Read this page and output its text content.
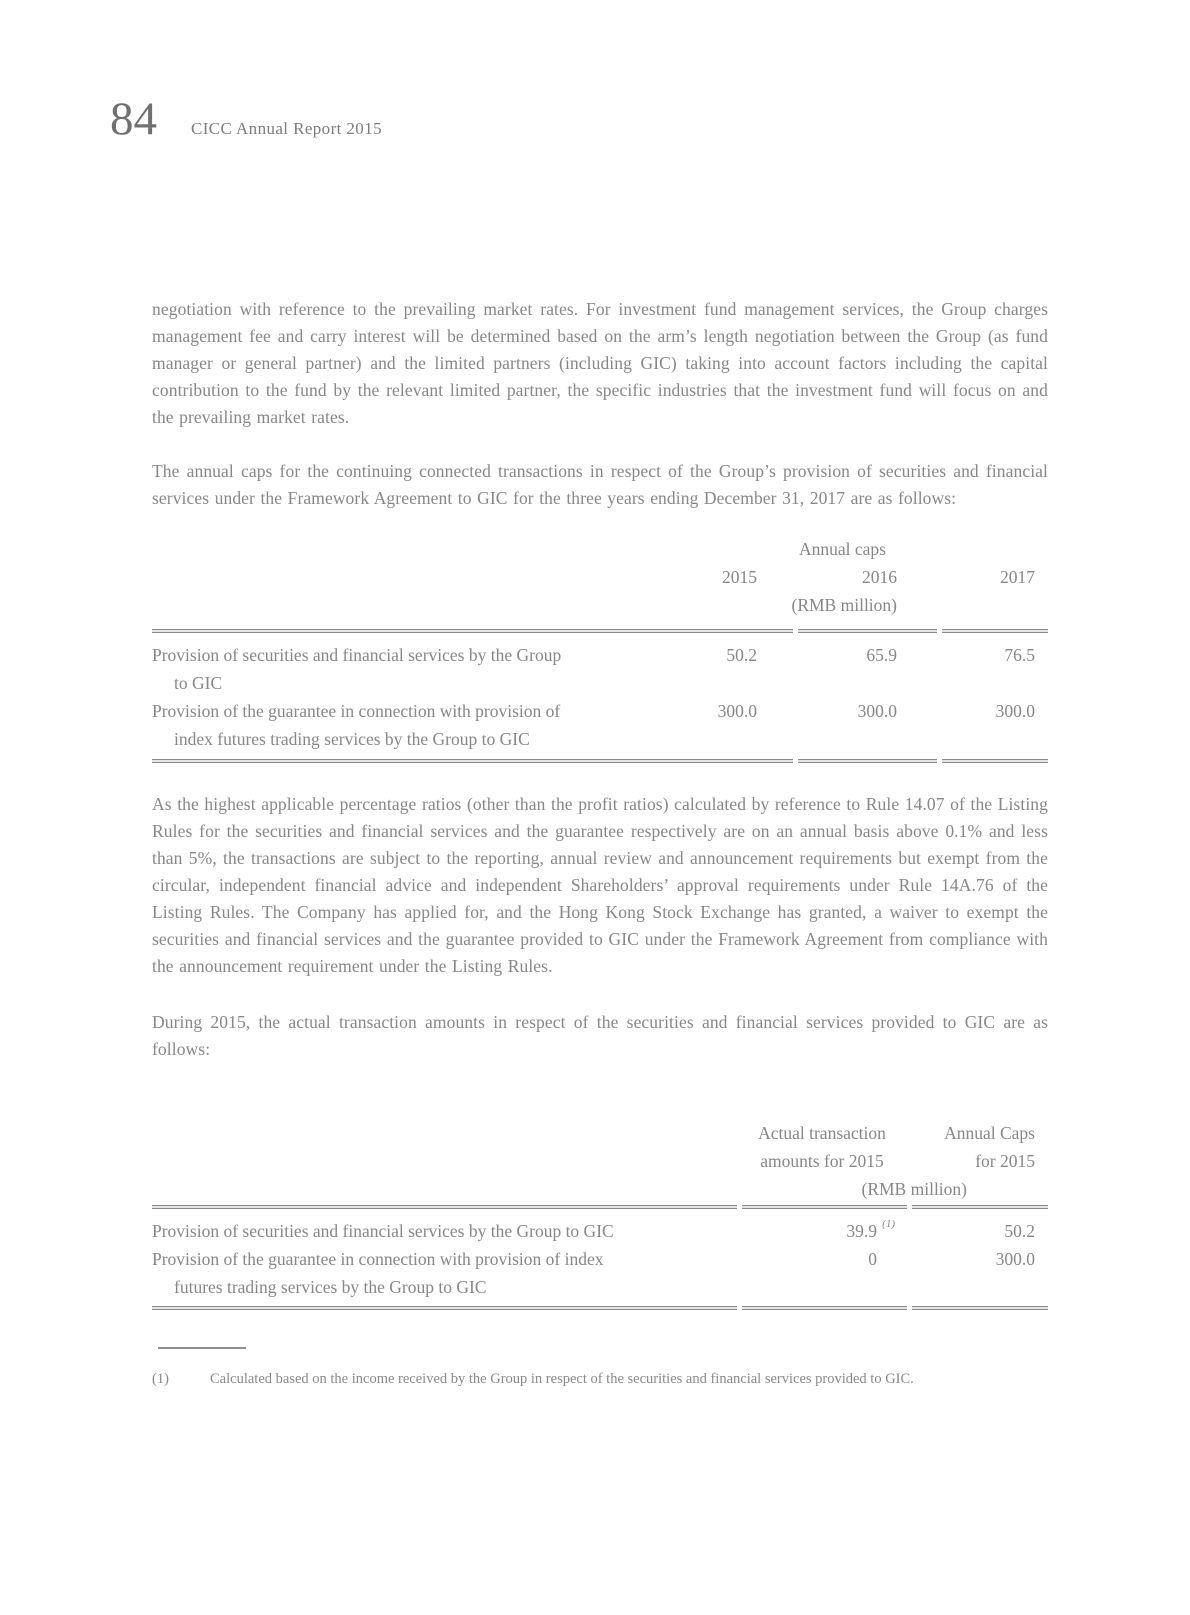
84 CICC Annual Report 2015

negotiation with reference to the prevailing market rates. For investment fund management services, the Group charges management fee and carry interest will be determined based on the arm’s length negotiation between the Group (as fund manager or general partner) and the limited partners (including GIC) taking into account factors including the capital contribution to the fund by the relevant limited partner, the specific industries that the investment fund will focus on and the prevailing market rates.

The annual caps for the continuing connected transactions in respect of the Group’s provision of securities and financial services under the Framework Agreement to GIC for the three years ending December 31, 2017 are as follows:

Annual caps
2015	2016	2017
(RMB million)
Provision of securities and financial services by the Group
to GIC
50.2	65.9	76.5
Provision of the guarantee in connection with provision of
index futures trading services by the Group to GIC
300.0	300.0	300.0

As the highest applicable percentage ratios (other than the profit ratios) calculated by reference to Rule 14.07 of the Listing Rules for the securities and financial services and the guarantee respectively are on an annual basis above 0.1% and less than 5%, the transactions are subject to the reporting, annual review and announcement requirements but exempt from the circular, independent financial advice and independent Shareholders’ approval requirements under Rule 14A.76 of the Listing Rules. The Company has applied for, and the Hong Kong Stock Exchange has granted, a waiver to exempt the securities and financial services and the guarantee provided to GIC under the Framework Agreement from compliance with the announcement requirement under the Listing Rules.

During 2015, the actual transaction amounts in respect of the securities and financial services provided to GIC are as follows:

Actual transaction	Annual Caps
amounts for 2015	for 2015
(RMB million)
Provision of securities and financial services by the Group to GIC	39.9 (1)	50.2
Provision of the guarantee in connection with provision of index
futures trading services by the Group to GIC
0	300.0
(1)	Calculated based on the income received by the Group in respect of the securities and financial services provided to GIC.
